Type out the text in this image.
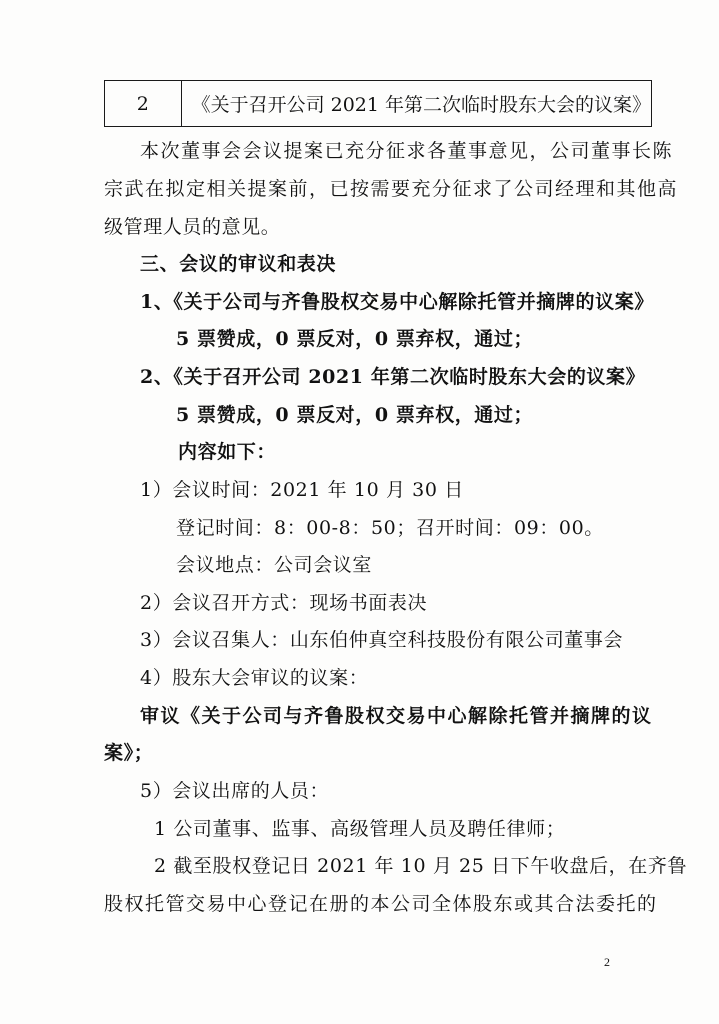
2	《关于召开公司 2021 年第二次临时股东大会的议案》
本次董事会会议提案已充分征求各董事意见，公司董事长陈
宗武在拟定相关提案前，已按需要充分征求了公司经理和其他高
级管理人员的意见。
三、会议的审议和表决
1、《关于公司与齐鲁股权交易中心解除托管并摘牌的议案》
5 票赞成，0 票反对，0 票弃权，通过；
2、《关于召开公司 2021 年第二次临时股东大会的议案》
5 票赞成，0 票反对，0 票弃权，通过；
内容如下：
1）会议时间：2021 年 10 月 30 日
登记时间：8：00-8：50；召开时间：09：00。
会议地点：公司会议室
2）会议召开方式：现场书面表决
3）会议召集人：山东伯仲真空科技股份有限公司董事会
4）股东大会审议的议案：
审议《关于公司与齐鲁股权交易中心解除托管并摘牌的议
案》；
5）会议出席的人员：
1 公司董事、监事、高级管理人员及聘任律师；
2 截至股权登记日 2021 年 10 月 25 日下午收盘后，在齐鲁
股权托管交易中心登记在册的本公司全体股东或其合法委托的
2
